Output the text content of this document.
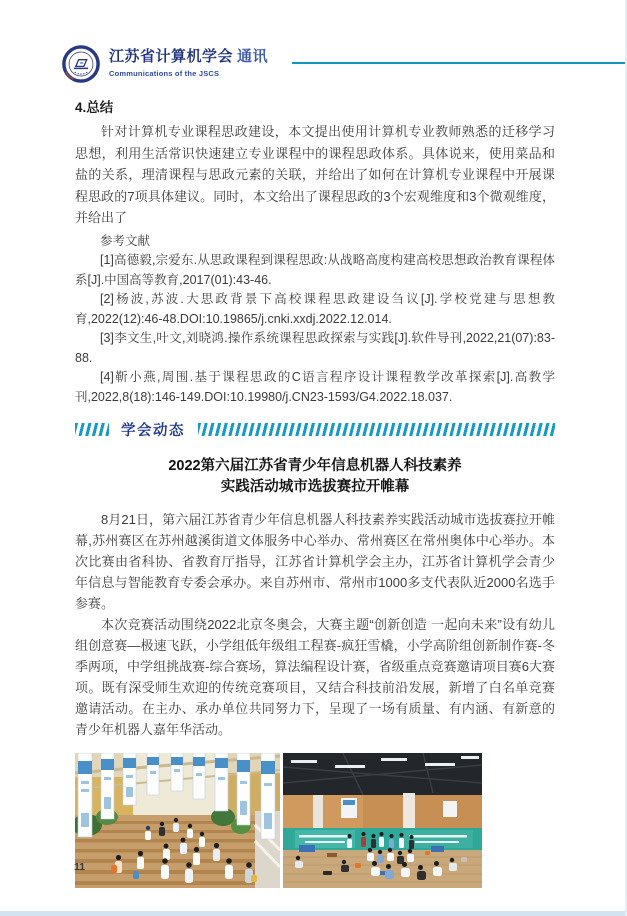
江苏省计算机学会 通讯
Communications of the JSCS
4.总结

针对计算机专业课程思政建设，本文提出使用计算机专业教师熟悉的迁移学习思想，利用生活常识快速建立专业课程中的课程思政体系。具体说来，使用菜品和盐的关系，理清课程与思政元素的关联，并给出了如何在计算机专业课程中开展课程思政的7项具体建议。同时，本文给出了课程思政的3个宏观维度和3个微观维度，并给出了

参考文献

[1]高德毅,宗爱东.从思政课程到课程思政:从战略高度构建高校思想政治教育课程体系[J].中国高等教育,2017(01):43-46.

[2]杨波,苏波.大思政背景下高校课程思政建设刍议[J].学校党建与思想教育,2022(12):46-48.DOI:10.19865/j.cnki.xxdj.2022.12.014.

[3]李文生,叶文,刘晓鸿.操作系统课程思政探索与实践[J].软件导刊,2022,21(07):83-88.

[4]靳小燕,周围.基于课程思政的C语言程序设计课程教学改革探索[J].高教学刊,2022,8(18):146-149.DOI:10.19980/j.CN23-1593/G4.2022.18.037.

学会动态
2022第六届江苏省青少年信息机器人科技素养
实践活动城市选拔赛拉开帷幕

8月21日，第六届江苏省青少年信息机器人科技素养实践活动城市选拔赛拉开帷幕,苏州赛区在苏州越溪街道文体服务中心举办、常州赛区在常州奥体中心举办。本次比赛由省科协、省教育厅指导，江苏省计算机学会主办，江苏省计算机学会青少年信息与智能教育专委会承办。来自苏州市、常州市1000多支代表队近2000名选手参赛。

本次竞赛活动围绕2022北京冬奥会，大赛主题“创新创造 一起向未来”设有幼儿组创意赛—极速飞跃，小学组低年级组工程赛-疯狂雪橇，小学高阶组创新制作赛-冬季两项，中学组挑战赛-综合赛场，算法编程设计赛，省级重点竞赛邀请项目赛6大赛项。既有深受师生欢迎的传统竞赛项目，又结合科技前沿发展，新增了白名单竞赛邀请活动。在主办、承办单位共同努力下，呈现了一场有质量、有内涵、有新意的青少年机器人嘉年华活动。

11
